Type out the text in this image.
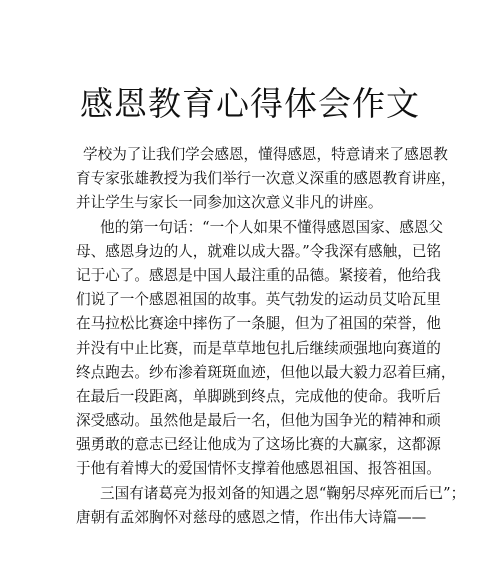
感恩教育心得体会作文
学校为了让我们学会感恩，懂得感恩，特意请来了感恩教
育专家张雄教授为我们举行一次意义深重的感恩教育讲座，
并让学生与家长一同参加这次意义非凡的讲座。
他的第一句话：“一个人如果不懂得感恩国家、感恩父
母、感恩身边的人，就难以成大器。”令我深有感触，已铭
记于心了。感恩是中国人最注重的品德。紧接着，他给我
们说了一个感恩祖国的故事。英气勃发的运动员艾哈瓦里
在马拉松比赛途中摔伤了一条腿，但为了祖国的荣誉，他
并没有中止比赛，而是草草地包扎后继续顽强地向赛道的
终点跑去。纱布渗着斑斑血迹，但他以最大毅力忍着巨痛，
在最后一段距离，单脚跳到终点，完成他的使命。我听后
深受感动。虽然他是最后一名，但他为国争光的精神和顽
强勇敢的意志已经让他成为了这场比赛的大赢家，这都源
于他有着博大的爱国情怀支撑着他感恩祖国、报答祖国。
三国有诸葛亮为报刘备的知遇之恩“鞠躬尽瘁死而后已”；
唐朝有孟郊胸怀对慈母的感恩之情，作出伟大诗篇——
